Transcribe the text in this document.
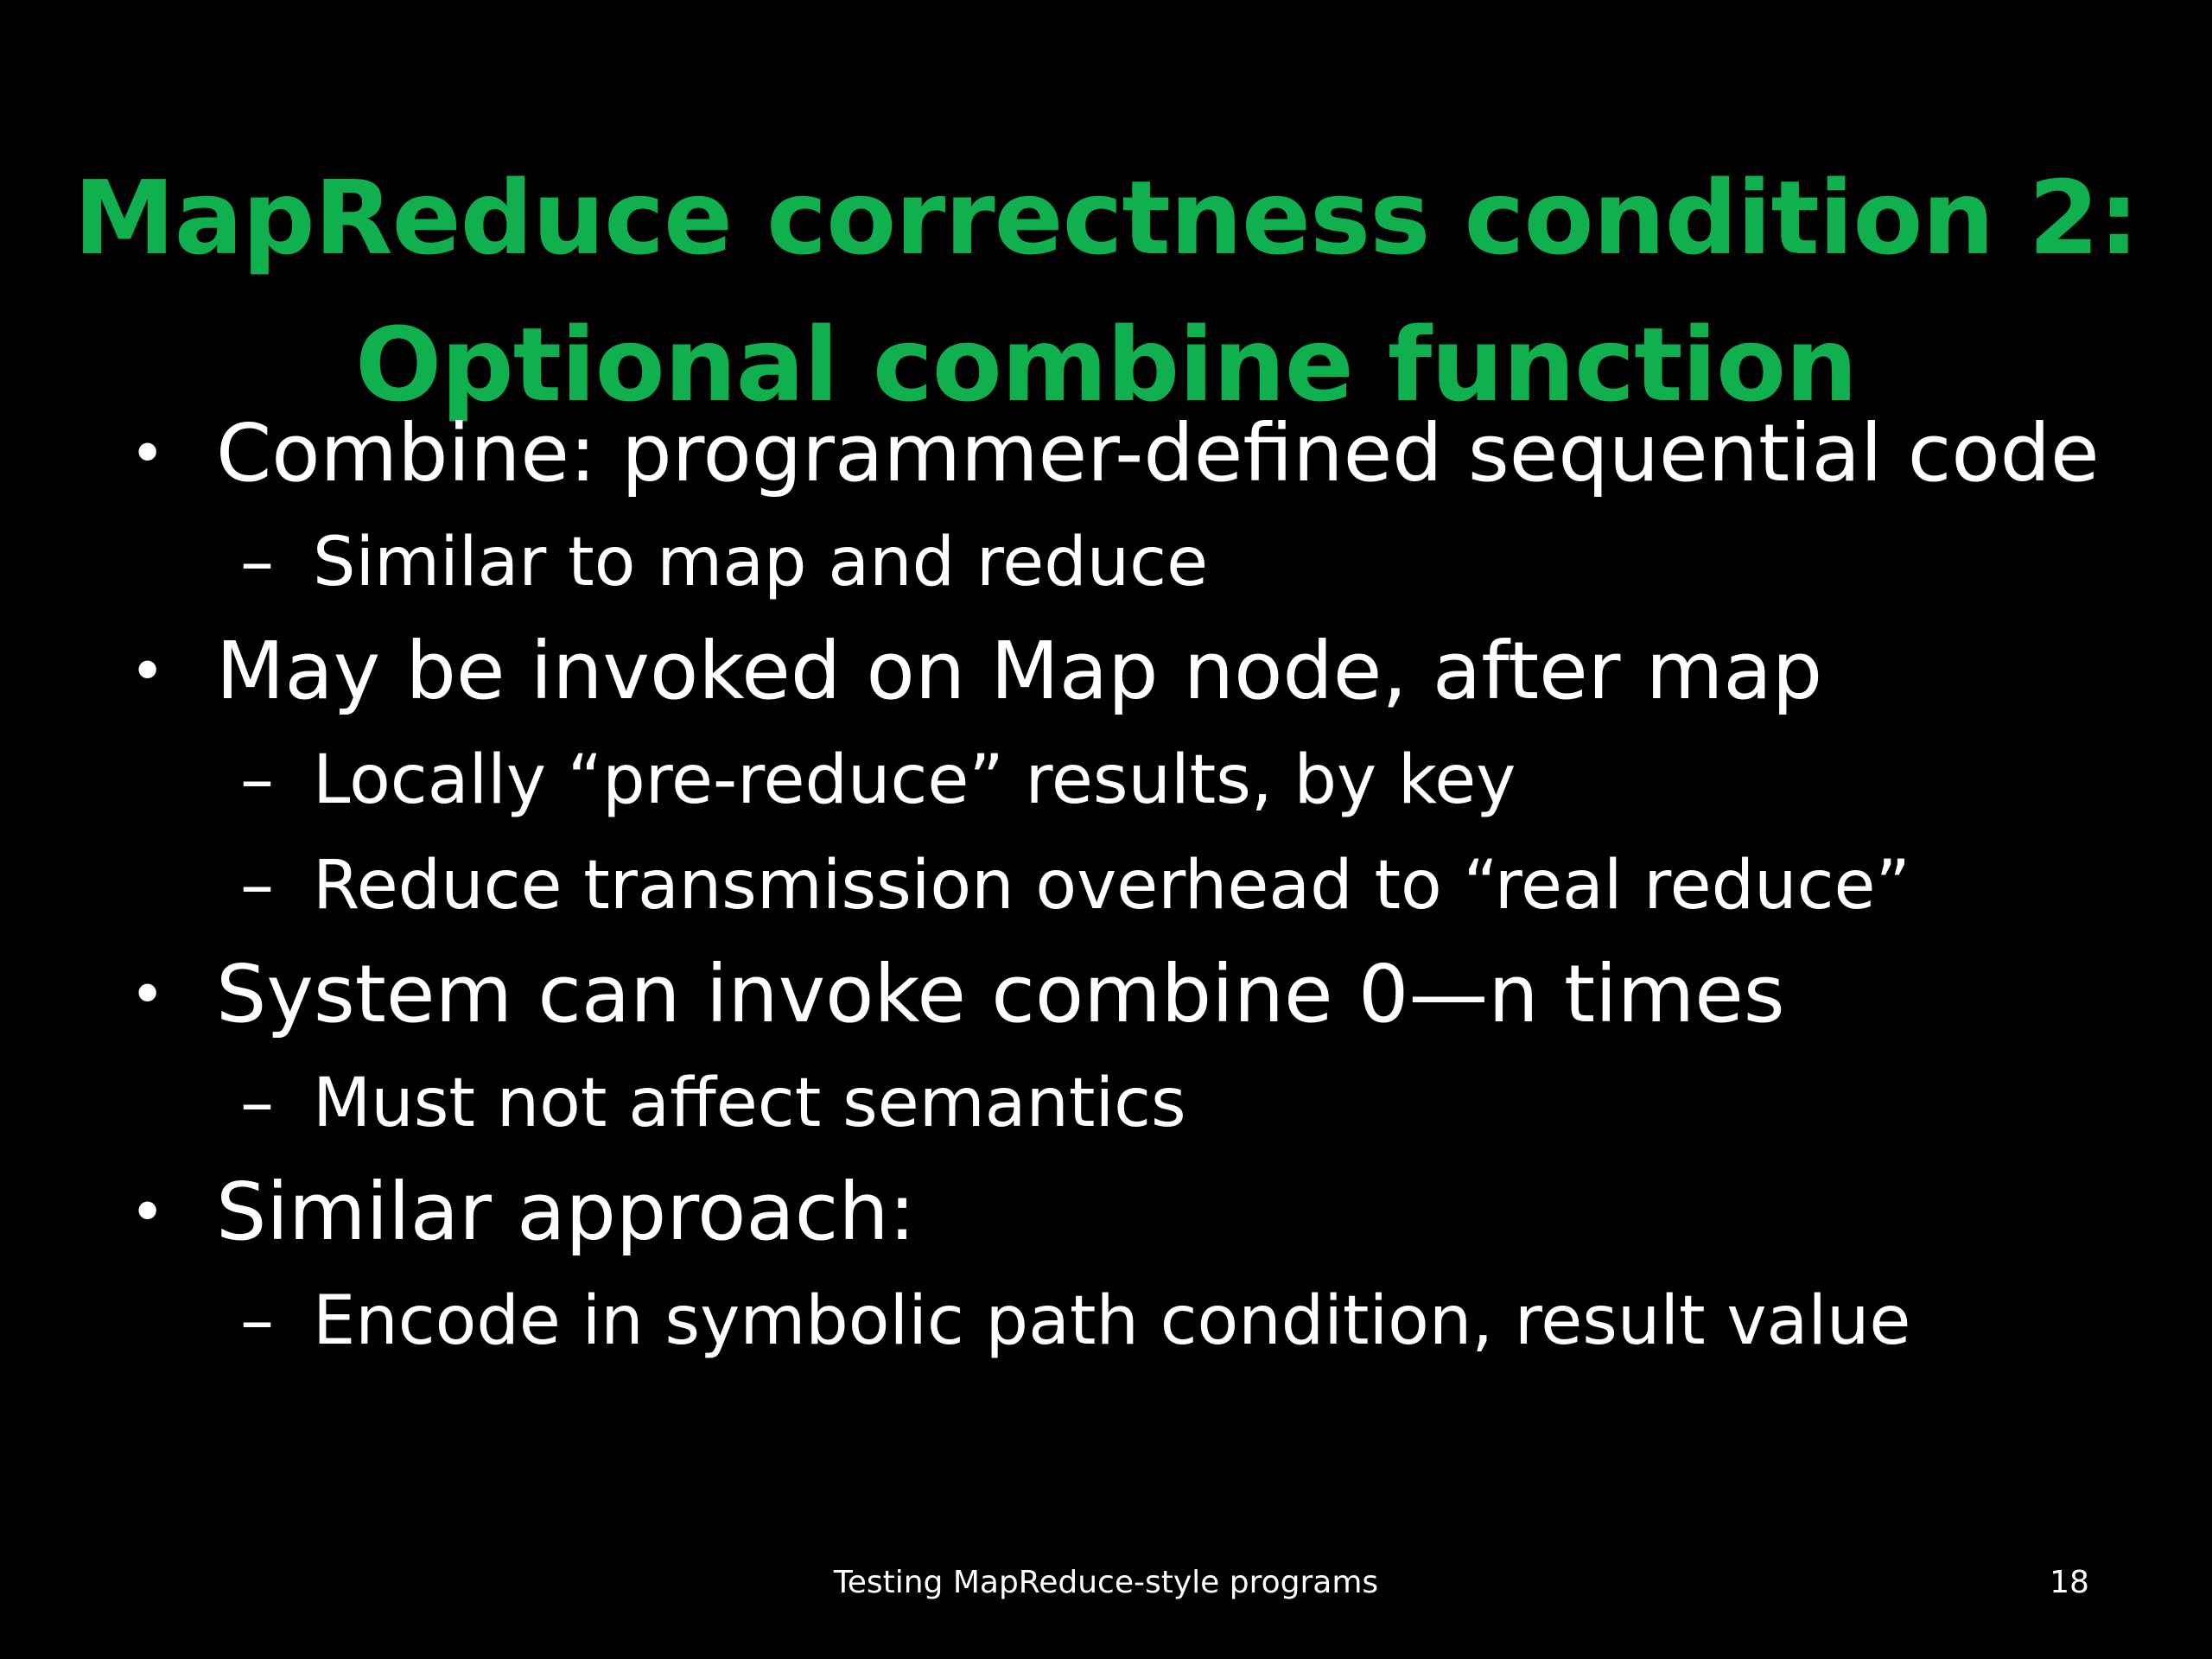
MapReduce correctness condition 2:
Optional combine function
• Combine: programmer-defined sequential code
– Similar to map and reduce
• May be invoked on Map node, after map
– Locally “pre-reduce” results, by key
– Reduce transmission overhead to “real reduce”
• System can invoke combine 0—n times
– Must not affect semantics
• Similar approach:
– Encode in symbolic path condition, result value
Testing MapReduce-style programs	18
